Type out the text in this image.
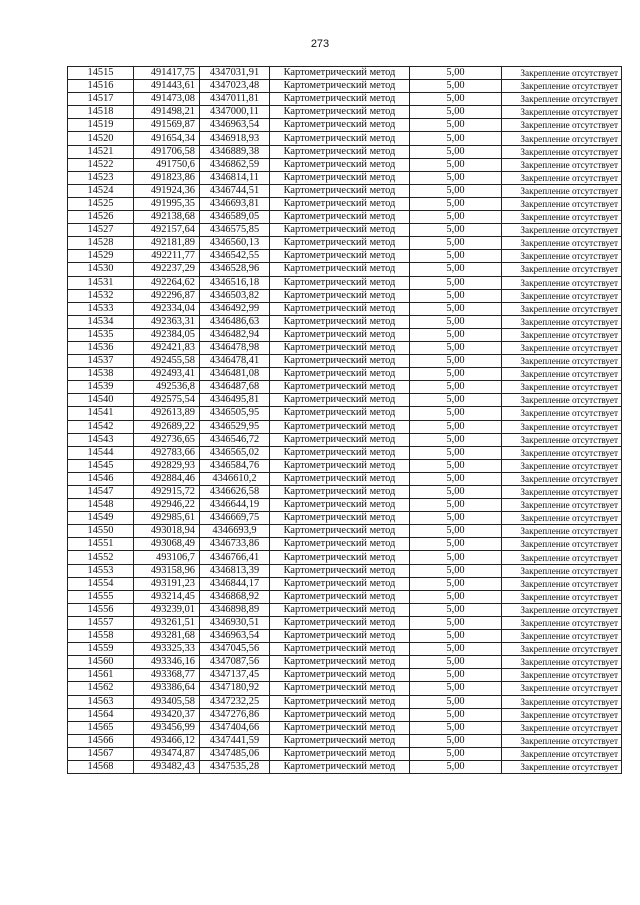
273
14515	491417,75	4347031,91	Картометрический метод	5,00	Закрепление отсутствует
14516	491443,61	4347023,48	Картометрический метод	5,00	Закрепление отсутствует
14517	491473,08	4347011,81	Картометрический метод	5,00	Закрепление отсутствует
14518	491498,21	4347000,11	Картометрический метод	5,00	Закрепление отсутствует
14519	491569,87	4346963,54	Картометрический метод	5,00	Закрепление отсутствует
14520	491654,34	4346918,93	Картометрический метод	5,00	Закрепление отсутствует
14521	491706,58	4346889,38	Картометрический метод	5,00	Закрепление отсутствует
14522	491750,6	4346862,59	Картометрический метод	5,00	Закрепление отсутствует
14523	491823,86	4346814,11	Картометрический метод	5,00	Закрепление отсутствует
14524	491924,36	4346744,51	Картометрический метод	5,00	Закрепление отсутствует
14525	491995,35	4346693,81	Картометрический метод	5,00	Закрепление отсутствует
14526	492138,68	4346589,05	Картометрический метод	5,00	Закрепление отсутствует
14527	492157,64	4346575,85	Картометрический метод	5,00	Закрепление отсутствует
14528	492181,89	4346560,13	Картометрический метод	5,00	Закрепление отсутствует
14529	492211,77	4346542,55	Картометрический метод	5,00	Закрепление отсутствует
14530	492237,29	4346528,96	Картометрический метод	5,00	Закрепление отсутствует
14531	492264,62	4346516,18	Картометрический метод	5,00	Закрепление отсутствует
14532	492296,87	4346503,82	Картометрический метод	5,00	Закрепление отсутствует
14533	492334,04	4346492,99	Картометрический метод	5,00	Закрепление отсутствует
14534	492363,31	4346486,63	Картометрический метод	5,00	Закрепление отсутствует
14535	492384,05	4346482,94	Картометрический метод	5,00	Закрепление отсутствует
14536	492421,83	4346478,98	Картометрический метод	5,00	Закрепление отсутствует
14537	492455,58	4346478,41	Картометрический метод	5,00	Закрепление отсутствует
14538	492493,41	4346481,08	Картометрический метод	5,00	Закрепление отсутствует
14539	492536,8	4346487,68	Картометрический метод	5,00	Закрепление отсутствует
14540	492575,54	4346495,81	Картометрический метод	5,00	Закрепление отсутствует
14541	492613,89	4346505,95	Картометрический метод	5,00	Закрепление отсутствует
14542	492689,22	4346529,95	Картометрический метод	5,00	Закрепление отсутствует
14543	492736,65	4346546,72	Картометрический метод	5,00	Закрепление отсутствует
14544	492783,66	4346565,02	Картометрический метод	5,00	Закрепление отсутствует
14545	492829,93	4346584,76	Картометрический метод	5,00	Закрепление отсутствует
14546	492884,46	4346610,2	Картометрический метод	5,00	Закрепление отсутствует
14547	492915,72	4346626,58	Картометрический метод	5,00	Закрепление отсутствует
14548	492946,22	4346644,19	Картометрический метод	5,00	Закрепление отсутствует
14549	492985,61	4346669,75	Картометрический метод	5,00	Закрепление отсутствует
14550	493018,94	4346693,9	Картометрический метод	5,00	Закрепление отсутствует
14551	493068,49	4346733,86	Картометрический метод	5,00	Закрепление отсутствует
14552	493106,7	4346766,41	Картометрический метод	5,00	Закрепление отсутствует
14553	493158,96	4346813,39	Картометрический метод	5,00	Закрепление отсутствует
14554	493191,23	4346844,17	Картометрический метод	5,00	Закрепление отсутствует
14555	493214,45	4346868,92	Картометрический метод	5,00	Закрепление отсутствует
14556	493239,01	4346898,89	Картометрический метод	5,00	Закрепление отсутствует
14557	493261,51	4346930,51	Картометрический метод	5,00	Закрепление отсутствует
14558	493281,68	4346963,54	Картометрический метод	5,00	Закрепление отсутствует
14559	493325,33	4347045,56	Картометрический метод	5,00	Закрепление отсутствует
14560	493346,16	4347087,56	Картометрический метод	5,00	Закрепление отсутствует
14561	493368,77	4347137,45	Картометрический метод	5,00	Закрепление отсутствует
14562	493386,64	4347180,92	Картометрический метод	5,00	Закрепление отсутствует
14563	493405,58	4347232,25	Картометрический метод	5,00	Закрепление отсутствует
14564	493420,37	4347276,86	Картометрический метод	5,00	Закрепление отсутствует
14565	493456,99	4347404,66	Картометрический метод	5,00	Закрепление отсутствует
14566	493466,12	4347441,59	Картометрический метод	5,00	Закрепление отсутствует
14567	493474,87	4347485,06	Картометрический метод	5,00	Закрепление отсутствует
14568	493482,43	4347535,28	Картометрический метод	5,00	Закрепление отсутствует
